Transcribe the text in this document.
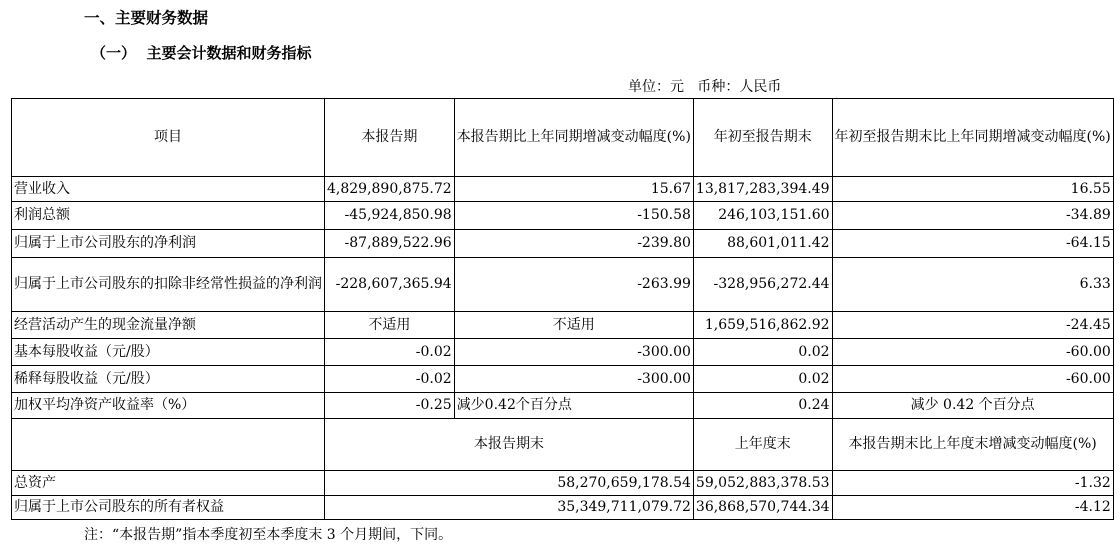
一、主要财务数据
（一）  主要会计数据和财务指标
单位：元   币种：人民币
项目	本报告期	本报告期比上年同期增减变动幅度(%)	年初至报告期末	年初至报告期末比上年同期增减变动幅度(%)
营业收入	4,829,890,875.72	15.67	13,817,283,394.49	16.55
利润总额	-45,924,850.98	-150.58	246,103,151.60	-34.89
归属于上市公司股东的净利润	-87,889,522.96	-239.80	88,601,011.42	-64.15
归属于上市公司股东的扣除非经常性损益的净利润	-228,607,365.94	-263.99	-328,956,272.44	6.33
经营活动产生的现金流量净额	不适用	不适用	1,659,516,862.92	-24.45
基本每股收益（元/股）	-0.02	-300.00	0.02	-60.00
稀释每股收益（元/股）	-0.02	-300.00	0.02	-60.00
加权平均净资产收益率（%）	-0.25	减少0.42个百分点	0.24	减少 0.42 个百分点
	本报告期末		上年度末	本报告期末比上年度末增减变动幅度(%)
总资产	58,270,659,178.54		59,052,883,378.53	-1.32
归属于上市公司股东的所有者权益	35,349,711,079.72		36,868,570,744.34	-4.12
注：“本报告期”指本季度初至本季度末 3 个月期间，下同。
